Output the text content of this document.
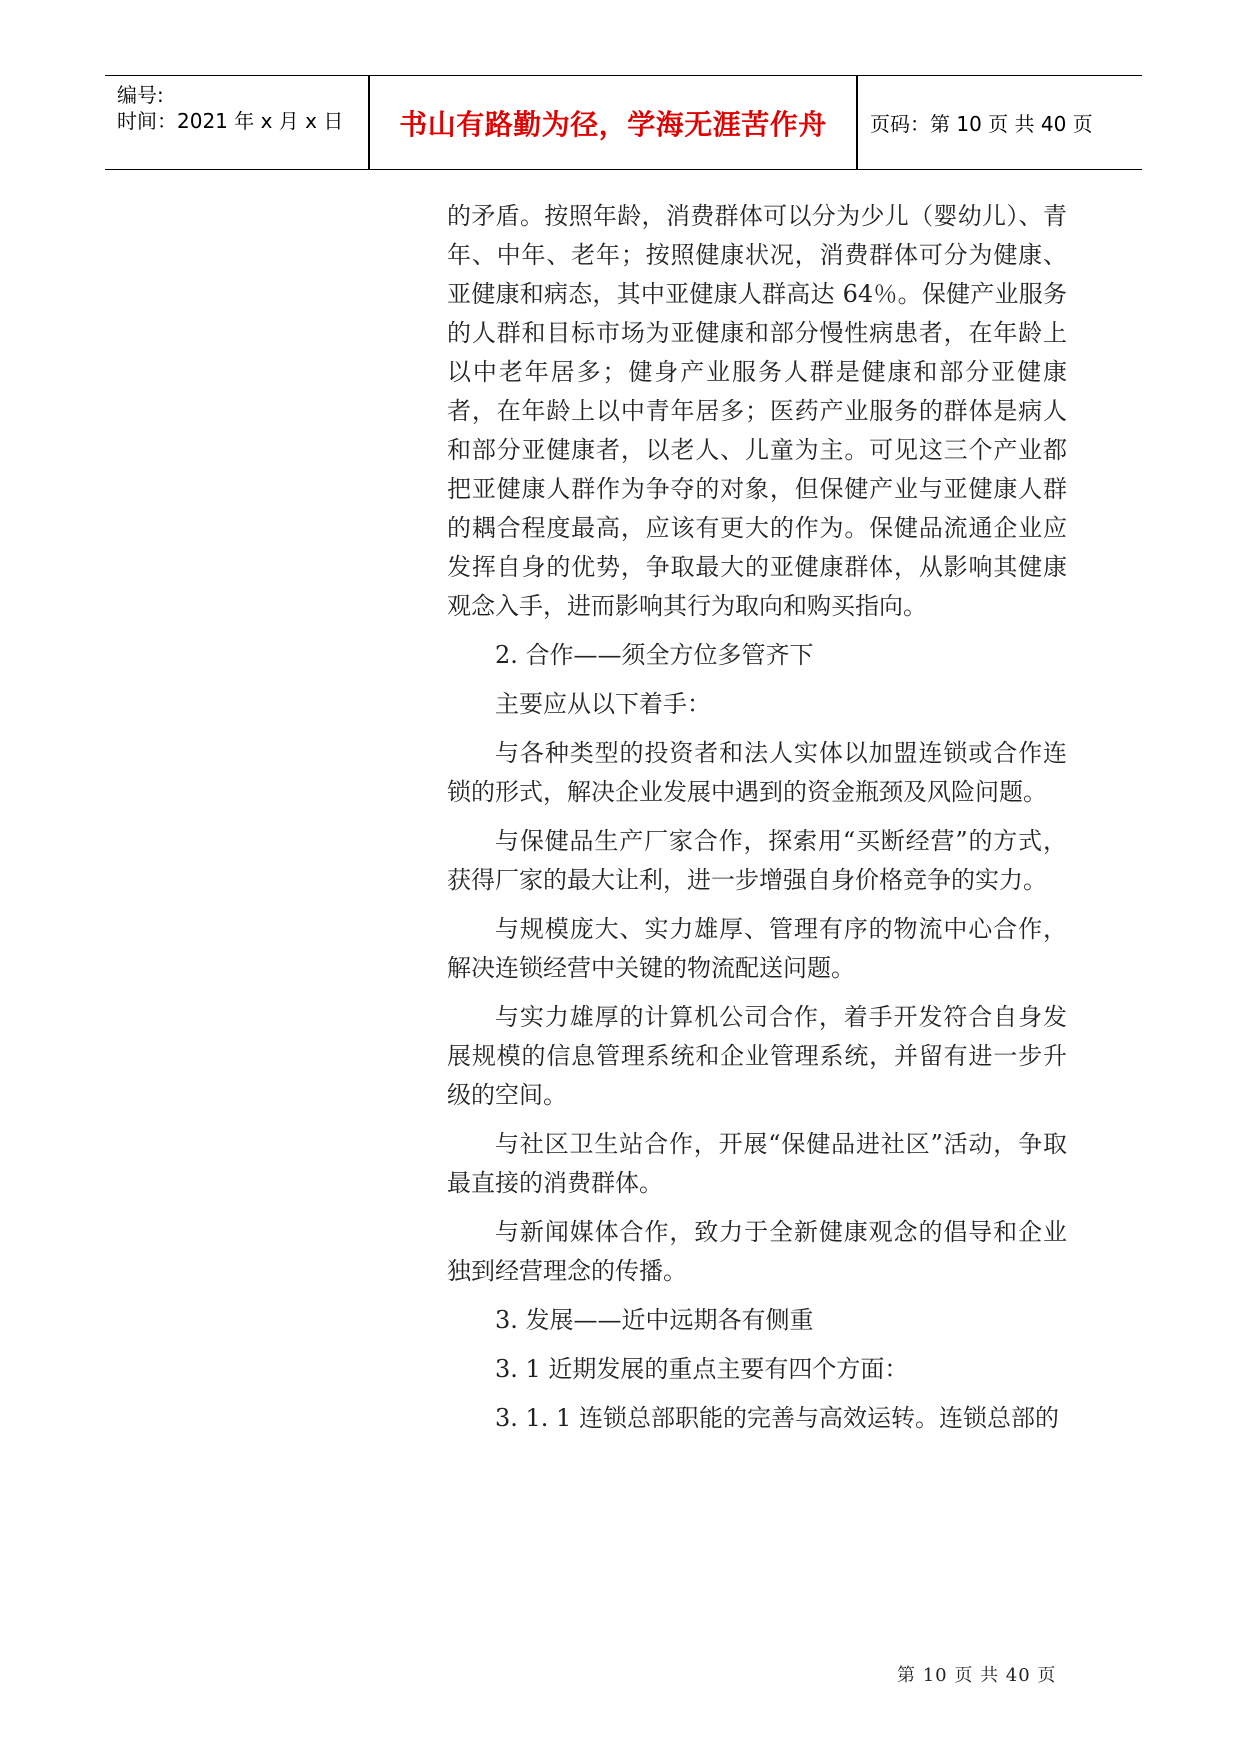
编号:
时间：2021 年 x 月 x 日	书山有路勤为径，学海无涯苦作舟	页码：第 10 页 共 40 页

的矛盾。按照年龄，消费群体可以分为少儿（婴幼儿）、青年、中年、老年；按照健康状况，消费群体可分为健康、亚健康和病态，其中亚健康人群高达 64％。保健产业服务的人群和目标市场为亚健康和部分慢性病患者，在年龄上以中老年居多；健身产业服务人群是健康和部分亚健康者，在年龄上以中青年居多；医药产业服务的群体是病人和部分亚健康者，以老人、儿童为主。可见这三个产业都把亚健康人群作为争夺的对象，但保健产业与亚健康人群的耦合程度最高，应该有更大的作为。保健品流通企业应发挥自身的优势，争取最大的亚健康群体，从影响其健康观念入手，进而影响其行为取向和购买指向。

2. 合作——须全方位多管齐下

主要应从以下着手：

与各种类型的投资者和法人实体以加盟连锁或合作连锁的形式，解决企业发展中遇到的资金瓶颈及风险问题。

与保健品生产厂家合作，探索用“买断经营”的方式，获得厂家的最大让利，进一步增强自身价格竞争的实力。

与规模庞大、实力雄厚、管理有序的物流中心合作，解决连锁经营中关键的物流配送问题。

与实力雄厚的计算机公司合作，着手开发符合自身发展规模的信息管理系统和企业管理系统，并留有进一步升级的空间。

与社区卫生站合作，开展“保健品进社区”活动，争取最直接的消费群体。

与新闻媒体合作，致力于全新健康观念的倡导和企业独到经营理念的传播。

3. 发展——近中远期各有侧重

3. 1 近期发展的重点主要有四个方面：

3. 1. 1 连锁总部职能的完善与高效运转。连锁总部的

第 10 页 共 40 页
